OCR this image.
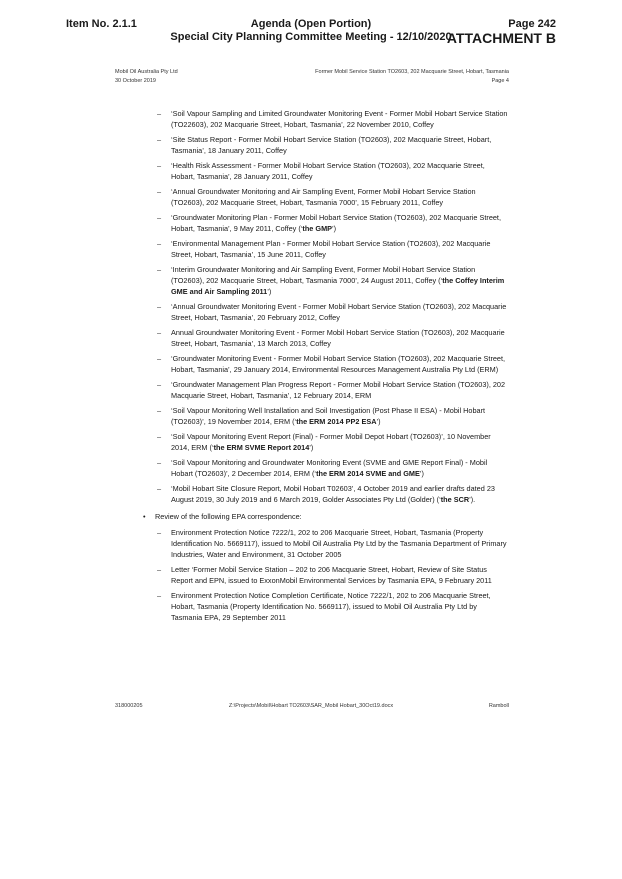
Item No. 2.1.1	Agenda (Open Portion)
Special City Planning Committee Meeting - 12/10/2020
Page 242
ATTACHMENT B
Mobil Oil Australia Pty Ltd
30 October 2019
Former Mobil Service Station TO2603, 202 Macquarie Street, Hobart, Tasmania
Page 4
– ‘Soil Vapour Sampling and Limited Groundwater Monitoring Event - Former Mobil Hobart Service Station (TO22603), 202 Macquarie Street, Hobart, Tasmania’, 22 November 2010, Coffey
– ‘Site Status Report - Former Mobil Hobart Service Station (TO2603), 202 Macquarie Street, Hobart, Tasmania’, 18 January 2011, Coffey
– ‘Health Risk Assessment - Former Mobil Hobart Service Station (TO2603), 202 Macquarie Street, Hobart, Tasmania’, 28 January 2011, Coffey
– ‘Annual Groundwater Monitoring and Air Sampling Event, Former Mobil Hobart Service Station (TO2603), 202 Macquarie Street, Hobart, Tasmania 7000’, 15 February 2011, Coffey
– ‘Groundwater Monitoring Plan - Former Mobil Hobart Service Station (TO2603), 202 Macquarie Street, Hobart, Tasmania’, 9 May 2011, Coffey (‘the GMP’)
– ‘Environmental Management Plan - Former Mobil Hobart Service Station (TO2603), 202 Macquarie Street, Hobart, Tasmania’, 15 June 2011, Coffey
– ‘Interim Groundwater Monitoring and Air Sampling Event, Former Mobil Hobart Service Station (TO2603), 202 Macquarie Street, Hobart, Tasmania 7000’, 24 August 2011, Coffey (‘the Coffey Interim GME and Air Sampling 2011’)
– ‘Annual Groundwater Monitoring Event - Former Mobil Hobart Service Station (TO2603), 202 Macquarie Street, Hobart, Tasmania’, 20 February 2012, Coffey
– Annual Groundwater Monitoring Event - Former Mobil Hobart Service Station (TO2603), 202 Macquarie Street, Hobart, Tasmania’, 13 March 2013, Coffey
– ‘Groundwater Monitoring Event - Former Mobil Hobart Service Station (TO2603), 202 Macquarie Street, Hobart, Tasmania’, 29 January 2014, Environmental Resources Management Australia Pty Ltd (ERM)
– ‘Groundwater Management Plan Progress Report - Former Mobil Hobart Service Station (TO2603), 202 Macquarie Street, Hobart, Tasmania’, 12 February 2014, ERM
– ‘Soil Vapour Monitoring Well Installation and Soil Investigation (Post Phase II ESA) - Mobil Hobart (TO2603)’, 19 November 2014, ERM (‘the ERM 2014 PP2 ESA’)
– ‘Soil Vapour Monitoring Event Report (Final) - Former Mobil Depot Hobart (TO2603)’, 10 November 2014, ERM (‘the ERM SVME Report 2014’)
– ‘Soil Vapour Monitoring and Groundwater Monitoring Event (SVME and GME Report Final) - Mobil Hobart (TO2603)’, 2 December 2014, ERM (‘the ERM 2014 SVME and GME’)
– ‘Mobil Hobart Site Closure Report, Mobil Hobart T02603’, 4 October 2019 and earlier drafts dated 23 August 2019, 30 July 2019 and 6 March 2019, Golder Associates Pty Ltd (Golder) (‘the SCR’).
• Review of the following EPA correspondence:
– Environment Protection Notice 7222/1, 202 to 206 Macquarie Street, Hobart, Tasmania (Property Identification No. 5669117), issued to Mobil Oil Australia Pty Ltd by the Tasmania Department of Primary Industries, Water and Environment, 31 October 2005
– Letter ‘Former Mobil Service Station – 202 to 206 Macquarie Street, Hobart, Review of Site Status Report and EPN, issued to ExxonMobil Environmental Services by Tasmania EPA, 9 February 2011
– Environment Protection Notice Completion Certificate, Notice 7222/1, 202 to 206 Macquarie Street, Hobart, Tasmania (Property Identification No. 5669117), issued to Mobil Oil Australia Pty Ltd by Tasmania EPA, 29 September 2011
318000205	Z:\Projects\Mobil\Hobart TO2603\SAR_Mobil Hobart_30Oct19.docx	Ramboll
